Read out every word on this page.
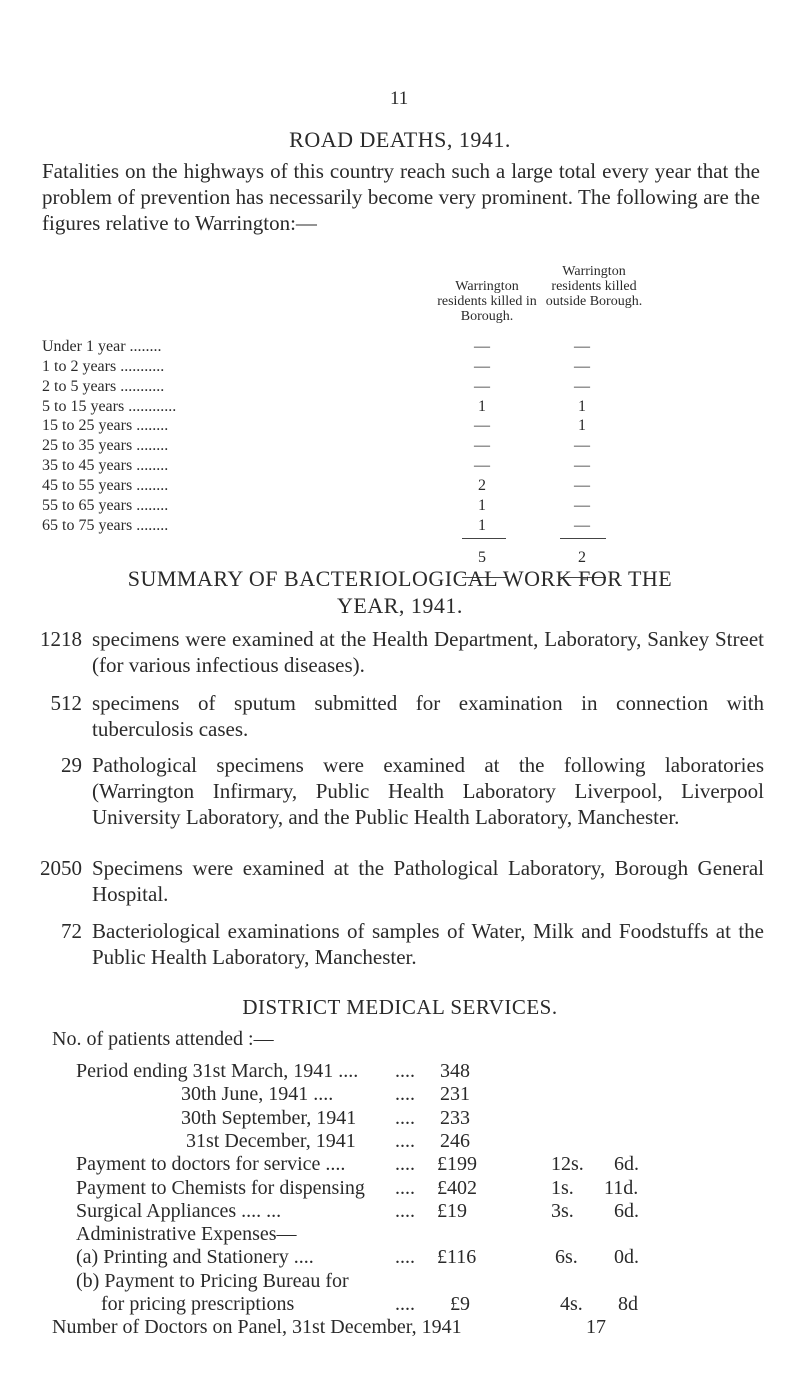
11
ROAD DEATHS, 1941.

Fatalities on the highways of this country reach such a large total every year that the problem of prevention has necessarily become very prominent. The following are the figures relative to Warrington:—

Warrington residents killed in Borough.
Warrington residents killed outside Borough.
Under 1 year ........	—	—
1 to 2 years ...........	—	—
2 to 5 years ...........	—	—
5 to 15 years ............	1	1
15 to 25 years ........	—	1
25 to 35 years ........	—	—
35 to 45 years ........	—	—
45 to 55 years ........	2	—
55 to 65 years ........	1	—
65 to 75 years ........	1	—
5	2
SUMMARY OF BACTERIOLOGICAL WORK FOR THE YEAR, 1941.
1218 specimens were examined at the Health Department, Laboratory, Sankey Street (for various infectious diseases).
512 specimens of sputum submitted for examination in connection with tuberculosis cases.
29 Pathological specimens were examined at the following laboratories (Warrington Infirmary, Public Health Laboratory Liverpool, Liverpool University Laboratory, and the Public Health Laboratory, Manchester.
2050 Specimens were examined at the Pathological Laboratory, Borough General Hospital.
72 Bacteriological examinations of samples of Water, Milk and Foodstuffs at the Public Health Laboratory, Manchester.
DISTRICT MEDICAL SERVICES.
No. of patients attended :—
Period ending 31st March, 1941 .... .... 348
30th June, 1941 ....	.... 231
30th September, 1941 .... 233
31st December, 1941 .... 246
Payment to doctors for service .... .... £199	12s. 6d.
Payment to Chemists for dispensing .... £402	1s. 11d.
Surgical Appliances .... ...	.... £19	3s. 6d.
Administrative Expenses—
(a) Printing and Stationery ....	.... £116	6s. 0d.
(b) Payment to Pricing Bureau for
for pricing prescriptions	.... £9	4s. 8d
Number of Doctors on Panel, 31st December, 1941	17
